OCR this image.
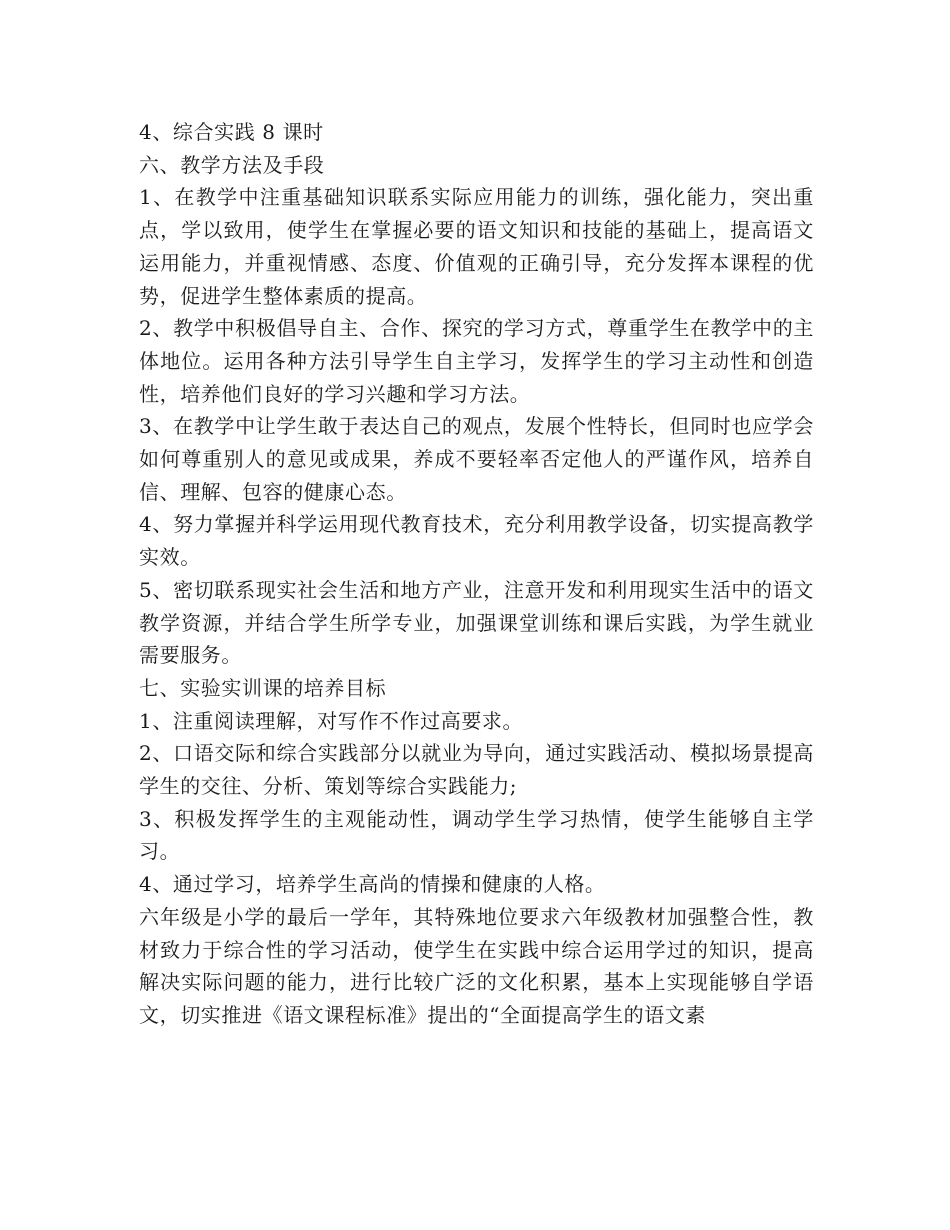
4、综合实践 8 课时

六、教学方法及手段

1、在教学中注重基础知识联系实际应用能力的训练，强化能力，突出重点，学以致用，使学生在掌握必要的语文知识和技能的基础上，提高语文运用能力，并重视情感、态度、价值观的正确引导，充分发挥本课程的优势，促进学生整体素质的提高。

2、教学中积极倡导自主、合作、探究的学习方式，尊重学生在教学中的主体地位。运用各种方法引导学生自主学习，发挥学生的学习主动性和创造性，培养他们良好的学习兴趣和学习方法。

3、在教学中让学生敢于表达自己的观点，发展个性特长，但同时也应学会如何尊重别人的意见或成果，养成不要轻率否定他人的严谨作风，培养自信、理解、包容的健康心态。

4、努力掌握并科学运用现代教育技术，充分利用教学设备，切实提高教学实效。

5、密切联系现实社会生活和地方产业，注意开发和利用现实生活中的语文教学资源，并结合学生所学专业，加强课堂训练和课后实践，为学生就业需要服务。

七、实验实训课的培养目标

1、注重阅读理解，对写作不作过高要求。

2、口语交际和综合实践部分以就业为导向，通过实践活动、模拟场景提高学生的交往、分析、策划等综合实践能力;

3、积极发挥学生的主观能动性，调动学生学习热情，使学生能够自主学习。

4、通过学习，培养学生高尚的情操和健康的人格。

六年级是小学的最后一学年，其特殊地位要求六年级教材加强整合性，教材致力于综合性的学习活动，使学生在实践中综合运用学过的知识，提高解决实际问题的能力，进行比较广泛的文化积累，基本上实现能够自学语文，切实推进《语文课程标准》提出的“全面提高学生的语文素
